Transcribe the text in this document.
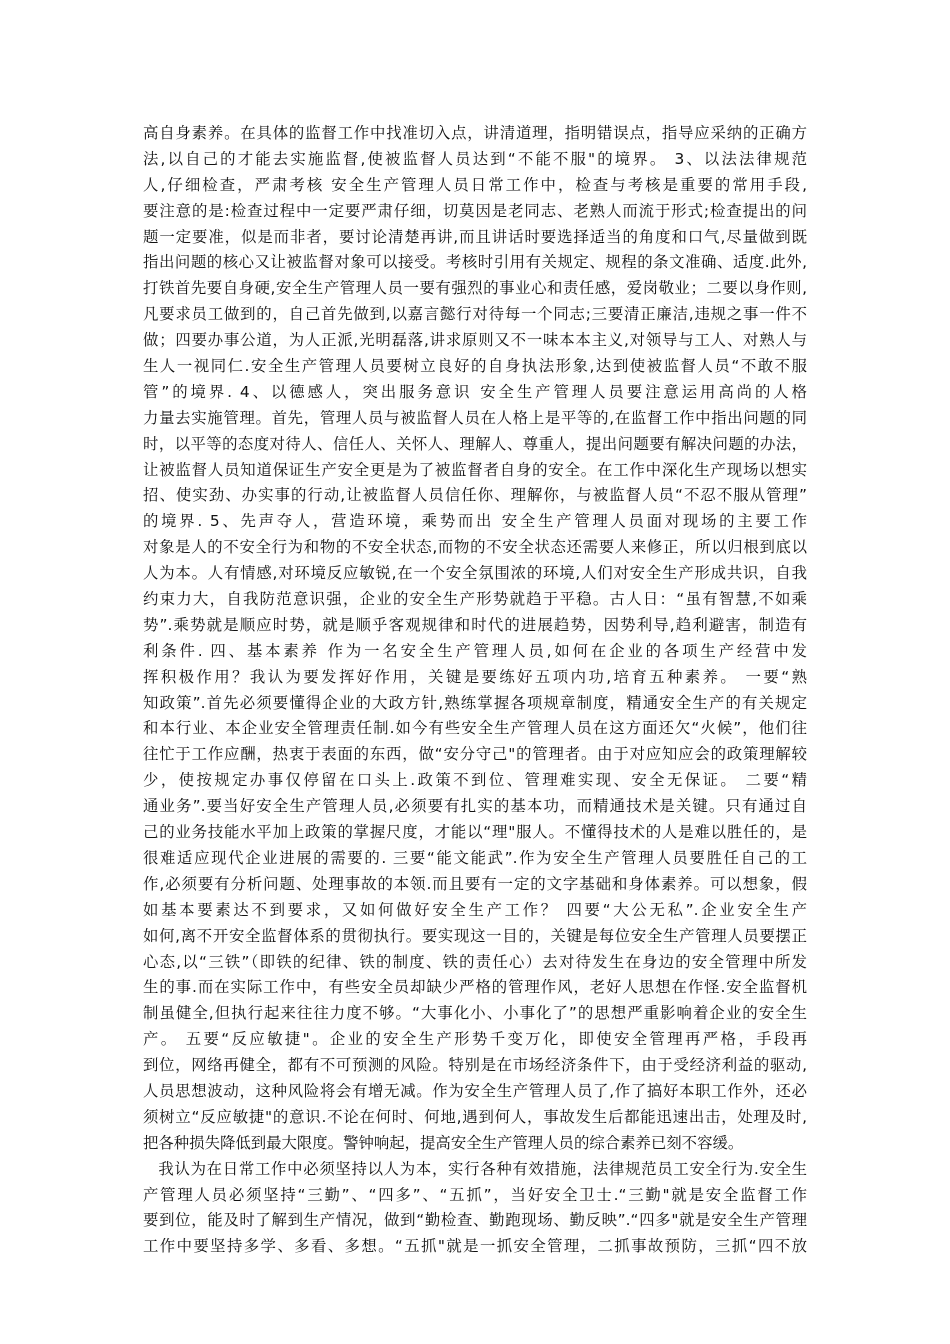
高自身素养。在具体的监督工作中找准切入点，讲清道理，指明错误点，指导应采纳的正确方
法,以自己的才能去实施监督,使被监督人员达到“不能不服"的境界。 3、以法法律规范
人,仔细检查，严肃考核 安全生产管理人员日常工作中，检查与考核是重要的常用手段,
要注意的是:检查过程中一定要严肃仔细，切莫因是老同志、老熟人而流于形式;检查提出的问
题一定要准，似是而非者，要讨论清楚再讲,而且讲话时要选择适当的角度和口气,尽量做到既
指出问题的核心又让被监督对象可以接受。考核时引用有关规定、规程的条文准确、适度.此外,
打铁首先要自身硬,安全生产管理人员一要有强烈的事业心和责任感，爱岗敬业；二要以身作则,
凡要求员工做到的，自己首先做到,以嘉言懿行对待每一个同志;三要清正廉洁,违规之事一件不
做；四要办事公道，为人正派,光明磊落,讲求原则又不一味本本主义,对领导与工人、对熟人与
生人一视同仁.安全生产管理人员要树立良好的自身执法形象,达到使被监督人员“不敢不服
管”的境界. 4、以德感人，突出服务意识 安全生产管理人员要注意运用高尚的人格
力量去实施管理。首先，管理人员与被监督人员在人格上是平等的,在监督工作中指出问题的同
时，以平等的态度对待人、信任人、关怀人、理解人、尊重人，提出问题要有解决问题的办法，
让被监督人员知道保证生产安全更是为了被监督者自身的安全。在工作中深化生产现场以想实
招、使实劲、办实事的行动,让被监督人员信任你、理解你，与被监督人员“不忍不服从管理”
的境界. 5、先声夺人，营造环境，乘势而出 安全生产管理人员面对现场的主要工作
对象是人的不安全行为和物的不安全状态,而物的不安全状态还需要人来修正，所以归根到底以
人为本。人有情感,对环境反应敏锐,在一个安全氛围浓的环境,人们对安全生产形成共识，自我
约束力大，自我防范意识强，企业的安全生产形势就趋于平稳。古人日：“虽有智慧,不如乘
势”.乘势就是顺应时势，就是顺乎客观规律和时代的进展趋势，因势利导,趋利避害，制造有
利条件. 四、基本素养 作为一名安全生产管理人员,如何在企业的各项生产经营中发
挥积极作用？我认为要发挥好作用，关键是要练好五项内功,培育五种素养。 一要“熟
知政策”.首先必须要懂得企业的大政方针,熟练掌握各项规章制度，精通安全生产的有关规定
和本行业、本企业安全管理责任制.如今有些安全生产管理人员在这方面还欠“火候”，他们往
往忙于工作应酬，热衷于表面的东西，做“安分守己"的管理者。由于对应知应会的政策理解较
少，使按规定办事仅停留在口头上.政策不到位、管理难实现、安全无保证。 二要“精
通业务”.要当好安全生产管理人员,必须要有扎实的基本功，而精通技术是关键。只有通过自
己的业务技能水平加上政策的掌握尺度，才能以“理"服人。不懂得技术的人是难以胜任的，是
很难适应现代企业进展的需要的. 三要“能文能武”.作为安全生产管理人员要胜任自己的工
作,必须要有分析问题、处理事故的本领.而且要有一定的文字基础和身体素养。可以想象，假
如基本要素达不到要求，又如何做好安全生产工作？ 四要“大公无私”.企业安全生产
如何,离不开安全监督体系的贯彻执行。要实现这一目的，关键是每位安全生产管理人员要摆正
心态,以“三铁”（即铁的纪律、铁的制度、铁的责任心）去对待发生在身边的安全管理中所发
生的事.而在实际工作中，有些安全员却缺少严格的管理作风，老好人思想在作怪.安全监督机
制虽健全,但执行起来往往力度不够。“大事化小、小事化了”的思想严重影响着企业的安全生
产。 五要“反应敏捷"。企业的安全生产形势千变万化，即使安全管理再严格，手段再
到位，网络再健全，都有不可预测的风险。特别是在市场经济条件下，由于受经济利益的驱动,
人员思想波动，这种风险将会有增无减。作为安全生产管理人员了,作了搞好本职工作外，还必
须树立“反应敏捷"的意识.不论在何时、何地,遇到何人，事故发生后都能迅速出击，处理及时,
把各种损失降低到最大限度。警钟响起，提高安全生产管理人员的综合素养已刻不容缓。
我认为在日常工作中必须坚持以人为本，实行各种有效措施，法律规范员工安全行为.安全生
产管理人员必须坚持“三勤”、“四多”、“五抓”，当好安全卫士.“三勤"就是安全监督工作
要到位，能及时了解到生产情况，做到“勤检查、勤跑现场、勤反映”.“四多"就是安全生产管理
工作中要坚持多学、多看、多想。“五抓"就是一抓安全管理，二抓事故预防，三抓“四不放
